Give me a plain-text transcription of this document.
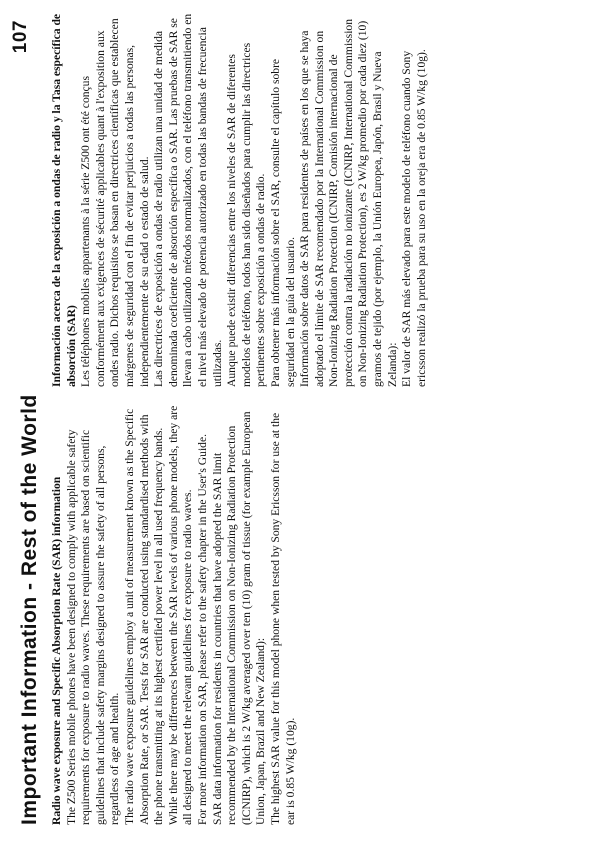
107
Important Information - Rest of the World Radio wave exposure and Specific Absorption Rate (SAR) information The Z500 Series mobile phones have been designed to comply with applicable safety requirements for exposure to radio waves. These requirements are based on scientific guidelines that include safety margins designed to assure the safety of all persons, regardless of age and health. The radio wave exposure guidelines employ a unit of measurement known as the Specific Absorption Rate, or SAR. Tests for SAR are conducted using standardised methods with the phone transmitting at its highest certified power level in all used frequency bands. While there may be differences between the SAR levels of various phone models, they are all designed to meet the relevant guidelines for exposure to radio waves. For more information on SAR, please refer to the safety chapter in the User's Guide. SAR data information for residents in countries that have adopted the SAR limit recommended by the International Commission on Non-Ionizing Radiation Protection (ICNIRP), which is 2 W/kg averaged over ten (10) gram of tissue (for example European Union, Japan, Brazil and New Zealand): The highest SAR value for this model phone when tested by Sony Ericsson for use at the ear is 0.85 W/kg (10g).

Información acerca de la exposición a ondas de radio y la Tasa específica de absorción (SAR) Les téléphones mobiles appartenants à la série Z500 ont été conçus conformément aux exigences de sécurité applicables quant à l'exposition aux ondes radio. Dichos requisitos se basan en directrices científicas que establecen márgenes de seguridad con el fin de evitar perjuicios a todas las personas, independientemente de su edad o estado de salud. Las directrices de exposición a ondas de radio utilizan una unidad de medida denominada coeficiente de absorción específica o SAR. Las pruebas de SAR se llevan a cabo utilizando métodos normalizados, con el teléfono transmitiendo en el nivel más elevado de potencia autorizado en todas las bandas de frecuencia utilizadas. Aunque puede existir diferencias entre los niveles de SAR de diferentes modelos de teléfono, todos han sido diseñados para cumplir las directrices pertinentes sobre exposición a ondas de radio. Para obtener más información sobre el SAR, consulte el capítulo sobre seguridad en la guía del usuario. Información sobre datos de SAR para residentes de países en los que se haya adoptado el límite de SAR recomendado por la International Commission on Non-Ionizing Radiation Protection (ICNIRP, Comisión internacional de protección contra la radiación no ionizante (ICNIRP, International Commission on Non-Ionizing Radiation Protection), es 2 W/kg promedio por cada diez (10) gramos de tejido (por ejemplo, la Unión Europea, Japón, Brasil y Nueva Zelanda): El valor de SAR más elevado para este modelo de teléfono cuando Sony ericsson realizó la prueba para su uso en la oreja era de 0.85 W/kg (10g).
